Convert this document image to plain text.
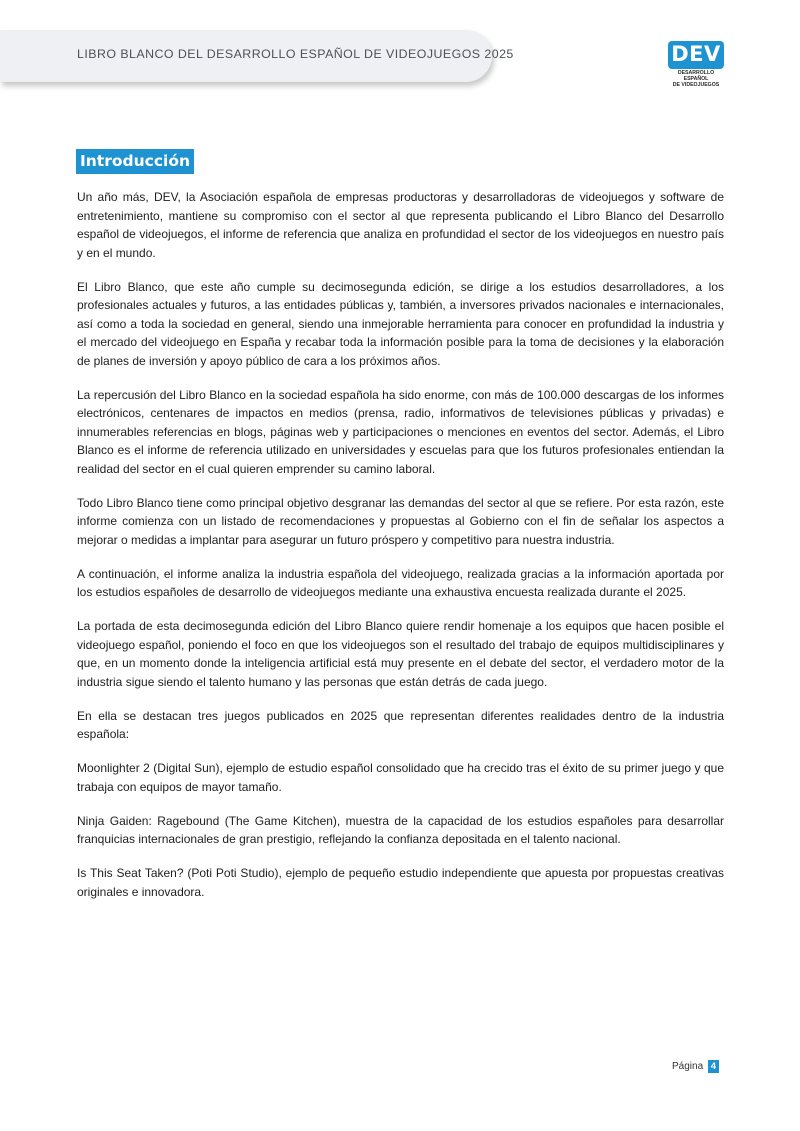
LIBRO BLANCO DEL DESARROLLO ESPAÑOL DE VIDEOJUEGOS 2025	DEV
DESARROLLO ESPAÑOL
DE VIDEOJUEGOS
Introducción

Un año más, DEV, la Asociación española de empresas productoras y desarrolladoras de videojuegos y software de entretenimiento, mantiene su compromiso con el sector al que representa publicando el Libro Blanco del Desarrollo español de videojuegos, el informe de referencia que analiza en profundidad el sector de los videojuegos en nuestro país y en el mundo.

El Libro Blanco, que este año cumple su decimosegunda edición, se dirige a los estudios desarrolladores, a los profesionales actuales y futuros, a las entidades públicas y, también, a inversores privados nacionales e internacionales, así como a toda la sociedad en general, siendo una inmejorable herramienta para conocer en profundidad la industria y el mercado del videojuego en España y recabar toda la información posible para la toma de decisiones y la elaboración de planes de inversión y apoyo público de cara a los próximos años.

La repercusión del Libro Blanco en la sociedad española ha sido enorme, con más de 100.000 descargas de los informes electrónicos, centenares de impactos en medios (prensa, radio, informativos de televisiones públicas y privadas) e innumerables referencias en blogs, páginas web y participaciones o menciones en eventos del sector. Además, el Libro Blanco es el informe de referencia utilizado en universidades y escuelas para que los futuros profesionales entiendan la realidad del sector en el cual quieren emprender su camino laboral.

Todo Libro Blanco tiene como principal objetivo desgranar las demandas del sector al que se refiere. Por esta razón, este informe comienza con un listado de recomendaciones y propuestas al Gobierno con el fin de señalar los aspectos a mejorar o medidas a implantar para asegurar un futuro próspero y competitivo para nuestra industria.

A continuación, el informe analiza la industria española del videojuego, realizada gracias a la información aportada por los estudios españoles de desarrollo de videojuegos mediante una exhaustiva encuesta realizada durante el 2025.

La portada de esta decimosegunda edición del Libro Blanco quiere rendir homenaje a los equipos que hacen posible el videojuego español, poniendo el foco en que los videojuegos son el resultado del trabajo de equipos multidisciplinares y que, en un momento donde la inteligencia artificial está muy presente en el debate del sector, el verdadero motor de la industria sigue siendo el talento humano y las personas que están detrás de cada juego.

En ella se destacan tres juegos publicados en 2025 que representan diferentes realidades dentro de la industria española:

Moonlighter 2 (Digital Sun), ejemplo de estudio español consolidado que ha crecido tras el éxito de su primer juego y que trabaja con equipos de mayor tamaño.

Ninja Gaiden: Ragebound (The Game Kitchen), muestra de la capacidad de los estudios españoles para desarrollar franquicias internacionales de gran prestigio, reflejando la confianza depositada en el talento nacional.

Is This Seat Taken? (Poti Poti Studio), ejemplo de pequeño estudio independiente que apuesta por propuestas creativas originales e innovadora.

Página 4
